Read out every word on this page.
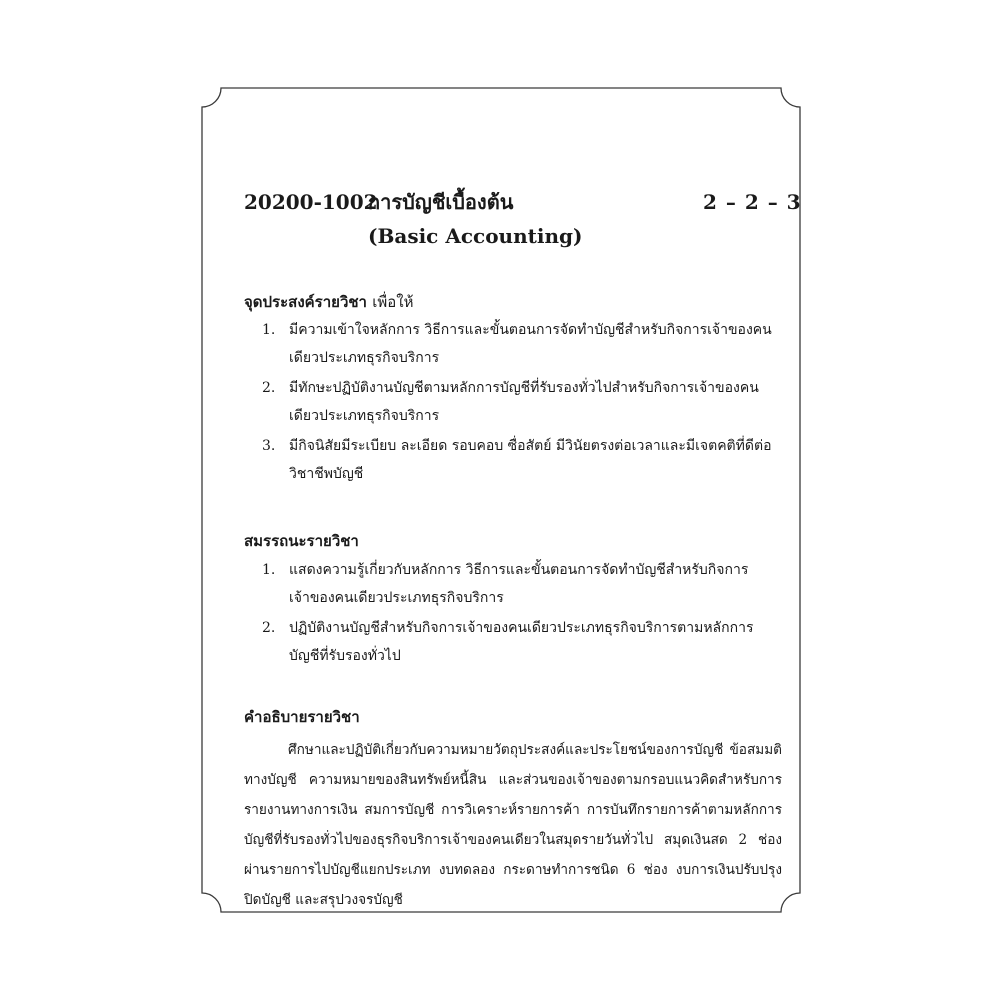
20200-1002
การบัญชีเบื้องต้น	2 – 2 – 3
(Basic Accounting)
จุดประสงค์รายวิชา เพื่อให้
1. มีความเข้าใจหลักการ วิธีการและขั้นตอนการจัดทำบัญชีสำหรับกิจการเจ้าของคนเดียวประเภทธุรกิจบริการ
2. มีทักษะปฏิบัติงานบัญชีตามหลักการบัญชีที่รับรองทั่วไปสำหรับกิจการเจ้าของคนเดียวประเภทธุรกิจบริการ
3. มีกิจนิสัยมีระเบียบ ละเอียด รอบคอบ ซื่อสัตย์ มีวินัยตรงต่อเวลาและมีเจตคติที่ดีต่อวิชาชีพบัญชี
สมรรถนะรายวิชา
1. แสดงความรู้เกี่ยวกับหลักการ วิธีการและขั้นตอนการจัดทำบัญชีสำหรับกิจการเจ้าของคนเดียวประเภทธุรกิจบริการ
2. ปฏิบัติงานบัญชีสำหรับกิจการเจ้าของคนเดียวประเภทธุรกิจบริการตามหลักการบัญชีที่รับรองทั่วไป
คำอธิบายรายวิชา

ศึกษาและปฏิบัติเกี่ยวกับความหมายวัตถุประสงค์และประโยชน์ของการบัญชี ข้อสมมติทางบัญชี ความหมายของสินทรัพย์หนี้สิน และส่วนของเจ้าของตามกรอบแนวคิดสำหรับการรายงานทางการเงิน สมการบัญชี การวิเคราะห์รายการค้า การบันทึกรายการค้าตามหลักการบัญชีที่รับรองทั่วไปของธุรกิจบริการเจ้าของคนเดียวในสมุดรายวันทั่วไป สมุดเงินสด 2 ช่อง ผ่านรายการไปบัญชีแยกประเภท งบทดลอง กระดาษทำการชนิด 6 ช่อง งบการเงินปรับปรุง ปิดบัญชี และสรุปวงจรบัญชี
